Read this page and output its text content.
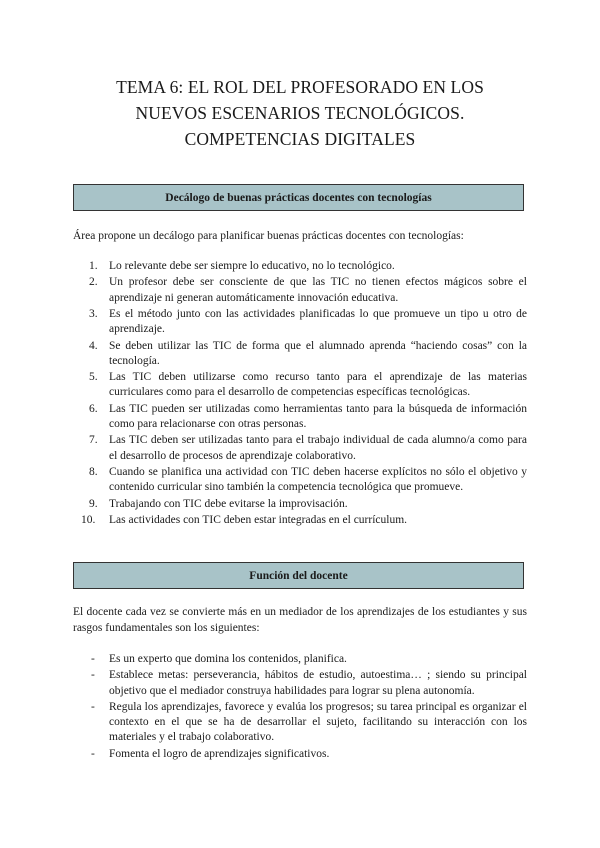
TEMA 6: EL ROL DEL PROFESORADO EN LOS
NUEVOS ESCENARIOS TECNOLÓGICOS.
COMPETENCIAS DIGITALES
Decálogo de buenas prácticas docentes con tecnologías
Área propone un decálogo para planificar buenas prácticas docentes con tecnologías:
1. Lo relevante debe ser siempre lo educativo, no lo tecnológico.
2. Un profesor debe ser consciente de que las TIC no tienen efectos mágicos sobre el aprendizaje ni generan automáticamente innovación educativa.
3. Es el método junto con las actividades planificadas lo que promueve un tipo u otro de aprendizaje.
4. Se deben utilizar las TIC de forma que el alumnado aprenda “haciendo cosas” con la tecnología.
5. Las TIC deben utilizarse como recurso tanto para el aprendizaje de las materias curriculares como para el desarrollo de competencias específicas tecnológicas.
6. Las TIC pueden ser utilizadas como herramientas tanto para la búsqueda de información como para relacionarse con otras personas.
7. Las TIC deben ser utilizadas tanto para el trabajo individual de cada alumno/a como para el desarrollo de procesos de aprendizaje colaborativo.
8. Cuando se planifica una actividad con TIC deben hacerse explícitos no sólo el objetivo y contenido curricular sino también la competencia tecnológica que promueve.
9. Trabajando con TIC debe evitarse la improvisación.
10. Las actividades con TIC deben estar integradas en el currículum.
Función del docente
El docente cada vez se convierte más en un mediador de los aprendizajes de los estudiantes y sus rasgos fundamentales son los siguientes:
- Es un experto que domina los contenidos, planifica.
- Establece metas: perseverancia, hábitos de estudio, autoestima… ; siendo su principal objetivo que el mediador construya habilidades para lograr su plena autonomía.
- Regula los aprendizajes, favorece y evalúa los progresos; su tarea principal es organizar el contexto en el que se ha de desarrollar el sujeto, facilitando su interacción con los materiales y el trabajo colaborativo.
- Fomenta el logro de aprendizajes significativos.
